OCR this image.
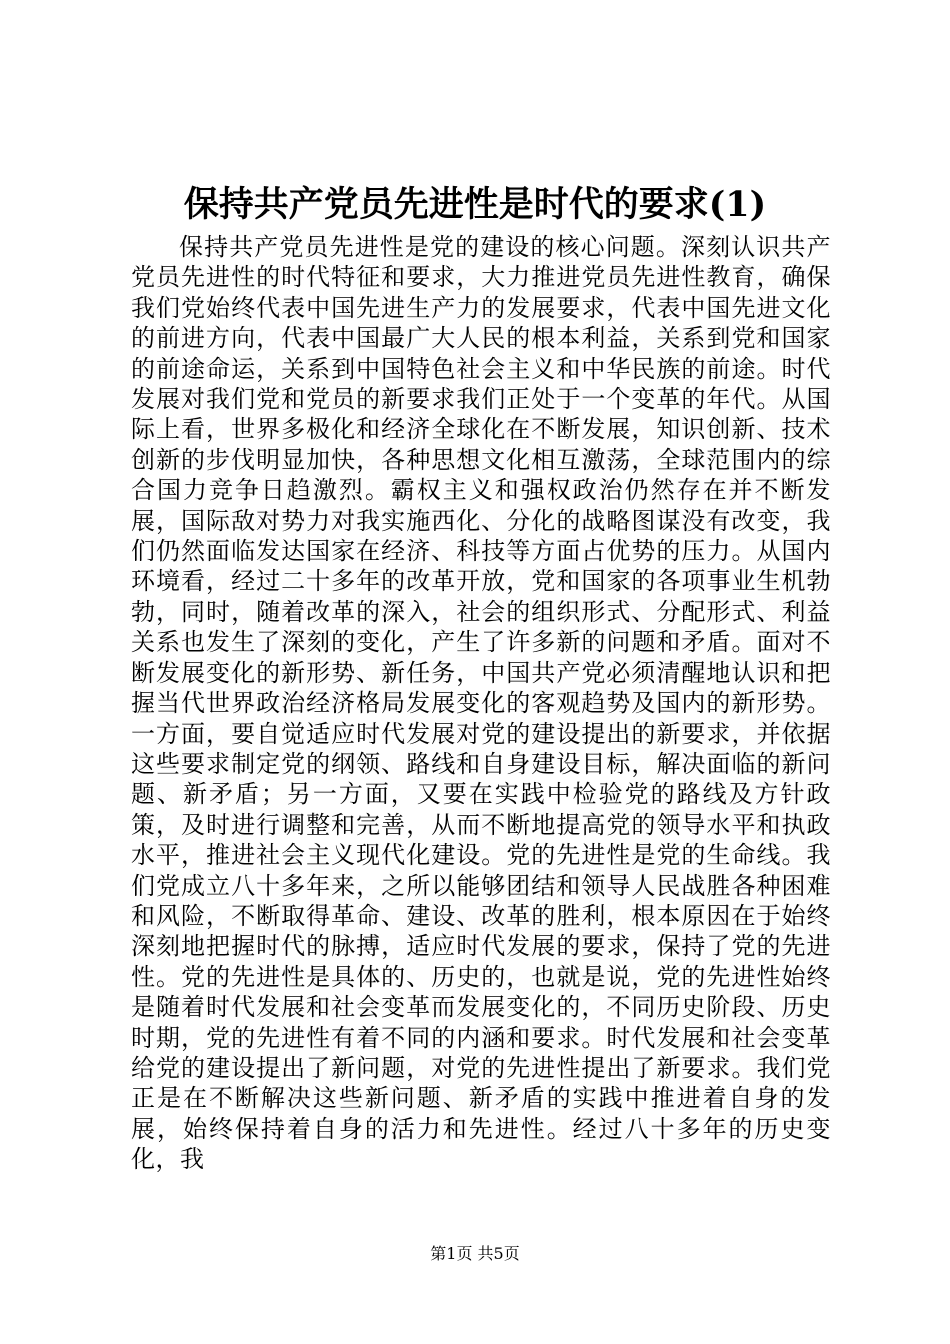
保持共产党员先进性是时代的要求(1)

保持共产党员先进性是党的建设的核心问题。深刻认识共产党员先进性的时代特征和要求，大力推进党员先进性教育，确保我们党始终代表中国先进生产力的发展要求，代表中国先进文化的前进方向，代表中国最广大人民的根本利益，关系到党和国家的前途命运，关系到中国特色社会主义和中华民族的前途。时代发展对我们党和党员的新要求我们正处于一个变革的年代。从国际上看，世界多极化和经济全球化在不断发展，知识创新、技术创新的步伐明显加快，各种思想文化相互激荡，全球范围内的综合国力竞争日趋激烈。霸权主义和强权政治仍然存在并不断发展，国际敌对势力对我实施西化、分化的战略图谋没有改变，我们仍然面临发达国家在经济、科技等方面占优势的压力。从国内环境看，经过二十多年的改革开放，党和国家的各项事业生机勃勃，同时，随着改革的深入，社会的组织形式、分配形式、利益关系也发生了深刻的变化，产生了许多新的问题和矛盾。面对不断发展变化的新形势、新任务，中国共产党必须清醒地认识和把握当代世界政治经济格局发展变化的客观趋势及国内的新形势。一方面，要自觉适应时代发展对党的建设提出的新要求，并依据这些要求制定党的纲领、路线和自身建设目标，解决面临的新问题、新矛盾；另一方面，又要在实践中检验党的路线及方针政策，及时进行调整和完善，从而不断地提高党的领导水平和执政水平，推进社会主义现代化建设。党的先进性是党的生命线。我们党成立八十多年来，之所以能够团结和领导人民战胜各种困难和风险，不断取得革命、建设、改革的胜利，根本原因在于始终深刻地把握时代的脉搏，适应时代发展的要求，保持了党的先进性。党的先进性是具体的、历史的，也就是说，党的先进性始终是随着时代发展和社会变革而发展变化的，不同历史阶段、历史时期，党的先进性有着不同的内涵和要求。时代发展和社会变革给党的建设提出了新问题，对党的先进性提出了新要求。我们党正是在不断解决这些新问题、新矛盾的实践中推进着自身的发展，始终保持着自身的活力和先进性。经过八十多年的历史变化，我

第1页 共5页
